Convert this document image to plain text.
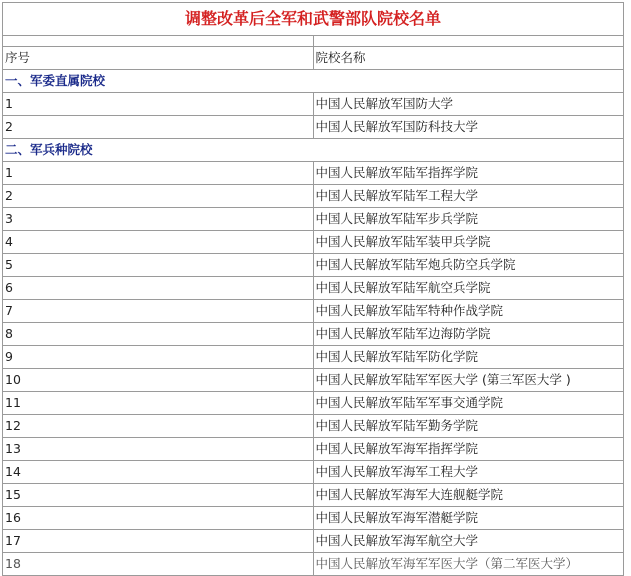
调整改革后全军和武警部队院校名单	

序号	院校名称
一、军委直属院校	
1	中国人民解放军国防大学
2	中国人民解放军国防科技大学
二、军兵种院校	
1	中国人民解放军陆军指挥学院
2	中国人民解放军陆军工程大学
3	中国人民解放军陆军步兵学院
4	中国人民解放军陆军装甲兵学院
5	中国人民解放军陆军炮兵防空兵学院
6	中国人民解放军陆军航空兵学院
7	中国人民解放军陆军特种作战学院
8	中国人民解放军陆军边海防学院
9	中国人民解放军陆军防化学院
10	中国人民解放军陆军军医大学 (第三军医大学 )
11	中国人民解放军陆军军事交通学院
12	中国人民解放军陆军勤务学院
13	中国人民解放军海军指挥学院
14	中国人民解放军海军工程大学
15	中国人民解放军海军大连舰艇学院
16	中国人民解放军海军潜艇学院
17	中国人民解放军海军航空大学
18	中国人民解放军海军军医大学（第二军医大学）
